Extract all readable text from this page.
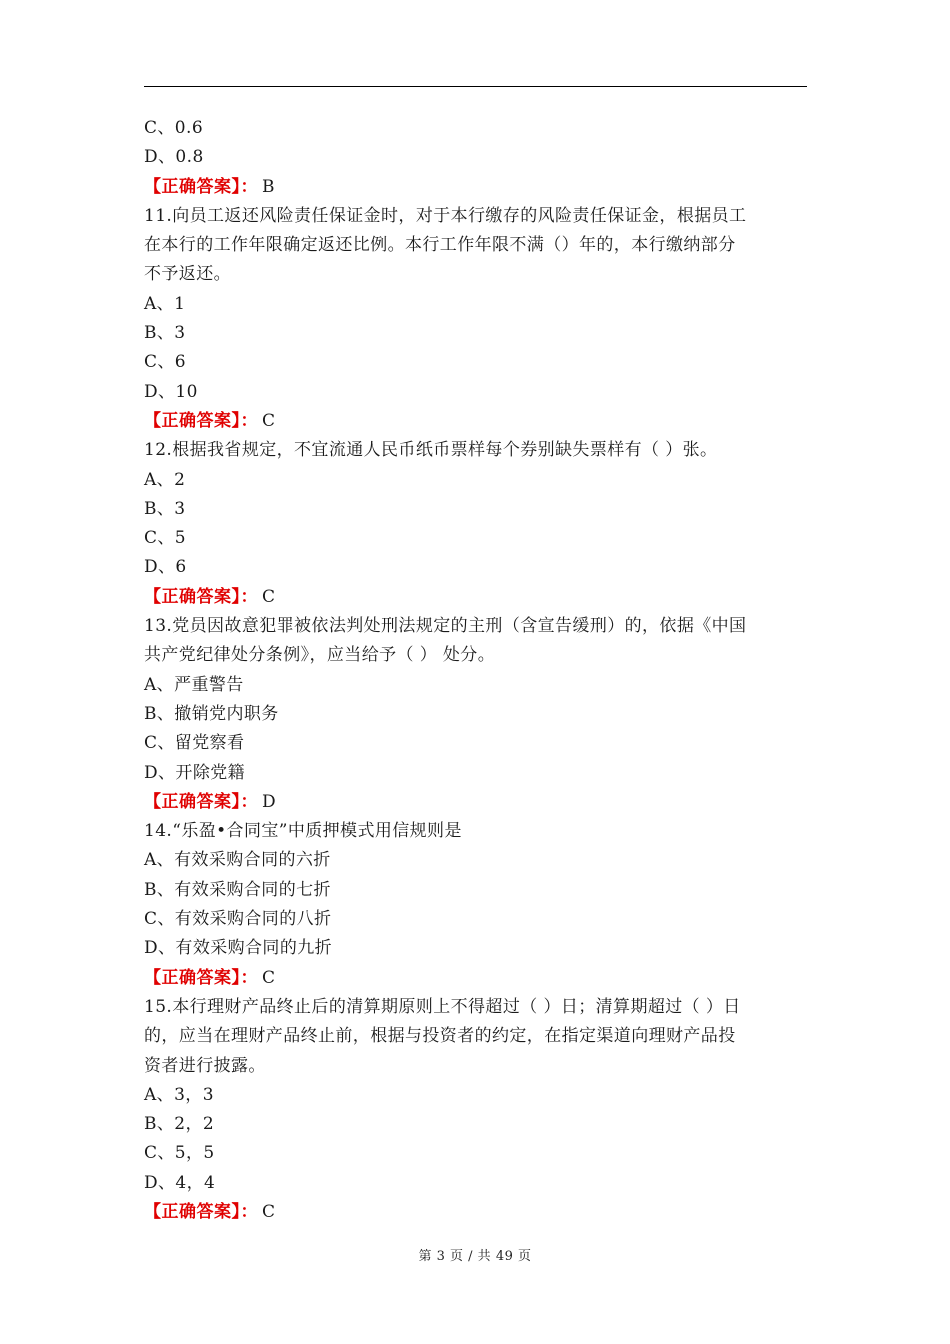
C、0.6
D、0.8
【正确答案】： B
11.向员工返还风险责任保证金时，对于本行缴存的风险责任保证金，根据员工
在本行的工作年限确定返还比例。本行工作年限不满（）年的，本行缴纳部分
不予返还。
A、1
B、3
C、6
D、10
【正确答案】： C
12.根据我省规定，不宜流通人民币纸币票样每个券别缺失票样有（ ）张。
A、2
B、3
C、5
D、6
【正确答案】： C
13.党员因故意犯罪被依法判处刑法规定的主刑（含宣告缓刑）的，依据《中国
共产党纪律处分条例》，应当给予（ ） 处分。
A、严重警告
B、撤销党内职务
C、留党察看
D、开除党籍
【正确答案】： D
14.“乐盈•合同宝”中质押模式用信规则是
A、有效采购合同的六折
B、有效采购合同的七折
C、有效采购合同的八折
D、有效采购合同的九折
【正确答案】： C
15.本行理财产品终止后的清算期原则上不得超过（ ）日；清算期超过（ ）日
的，应当在理财产品终止前，根据与投资者的约定，在指定渠道向理财产品投
资者进行披露。
A、3，3
B、2，2
C、5，5
D、4，4
【正确答案】： C
第 3 页 / 共 49 页
